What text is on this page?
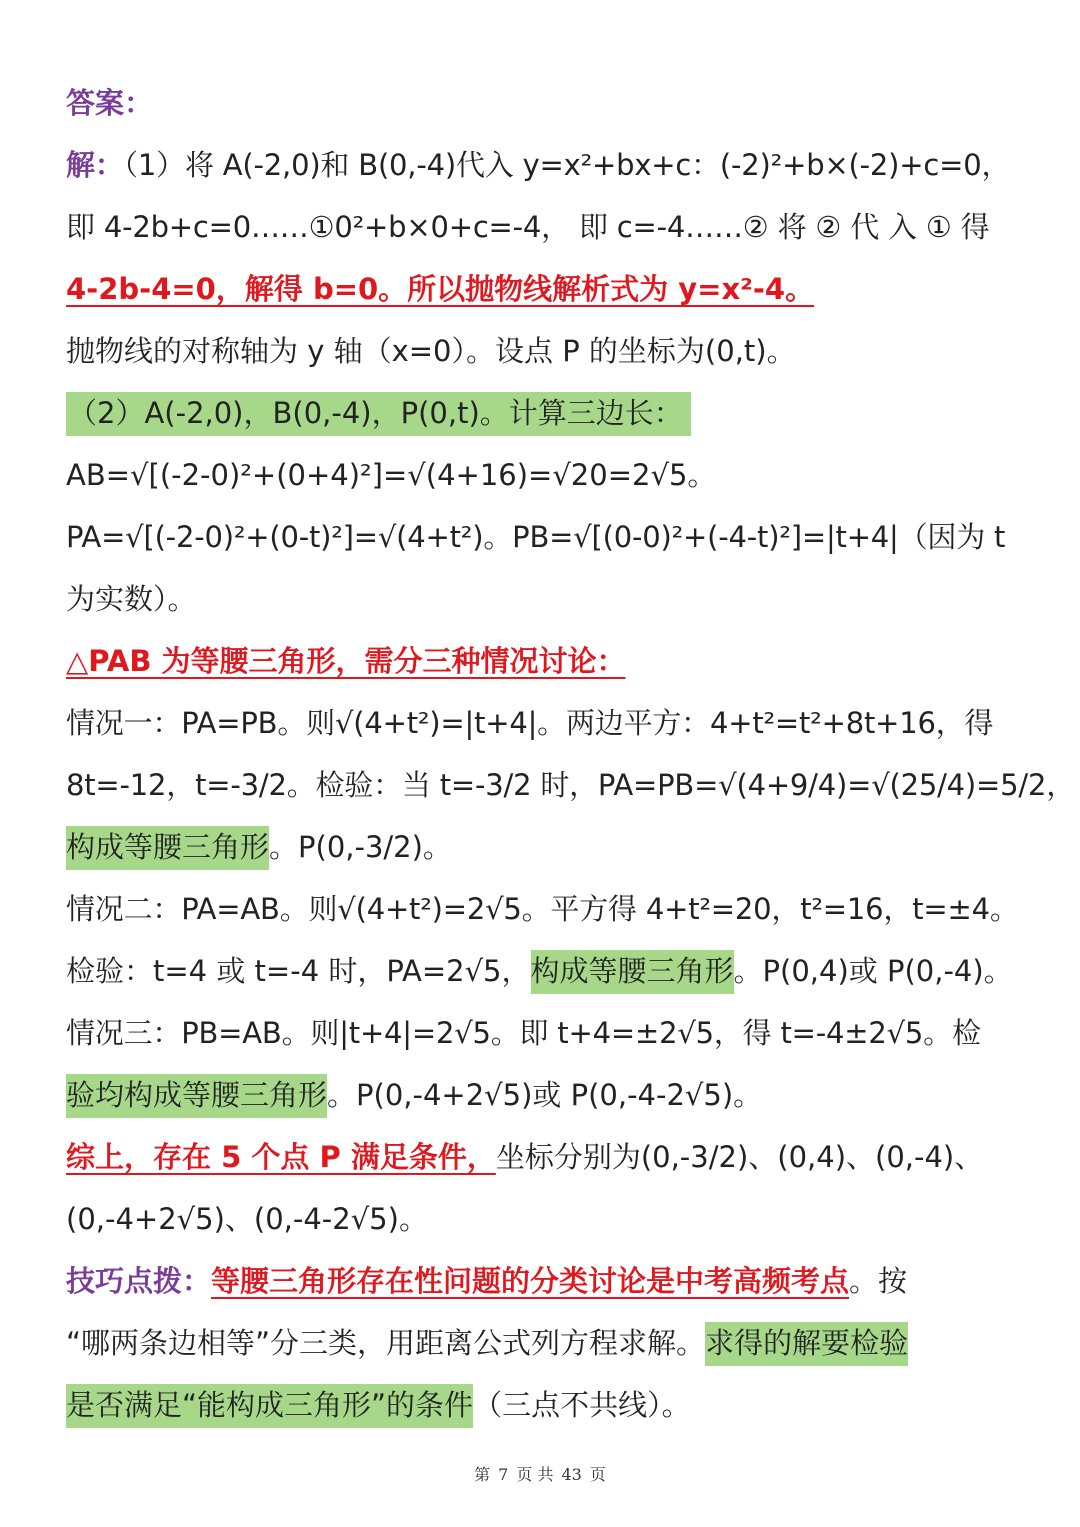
答案：
解：（1）将 A(-2,0)和 B(0,-4)代入 y=x²+bx+c：(-2)²+b×(-2)+c=0，
即 4-2b+c=0……①0²+b×0+c=-4， 即 c=-4……② 将 ② 代 入 ① 得
4-2b-4=0，解得 b=0。所以抛物线解析式为 y=x²-4。
抛物线的对称轴为 y 轴（x=0）。设点 P 的坐标为(0,t)。
（2）A(-2,0)，B(0,-4)，P(0,t)。计算三边长：
AB=√[(-2-0)²+(0+4)²]=√(4+16)=√20=2√5。
PA=√[(-2-0)²+(0-t)²]=√(4+t²)。PB=√[(0-0)²+(-4-t)²]=|t+4|（因为 t
为实数）。
△PAB 为等腰三角形，需分三种情况讨论：
情况一：PA=PB。则√(4+t²)=|t+4|。两边平方：4+t²=t²+8t+16，得
8t=-12，t=-3/2。检验：当 t=-3/2 时，PA=PB=√(4+9/4)=√(25/4)=5/2，
构成等腰三角形。P(0,-3/2)。
情况二：PA=AB。则√(4+t²)=2√5。平方得 4+t²=20，t²=16，t=±4。
检验：t=4 或 t=-4 时，PA=2√5，构成等腰三角形。P(0,4)或 P(0,-4)。
情况三：PB=AB。则|t+4|=2√5。即 t+4=±2√5，得 t=-4±2√5。检
验均构成等腰三角形。P(0,-4+2√5)或 P(0,-4-2√5)。
综上，存在 5 个点 P 满足条件，坐标分别为(0,-3/2)、(0,4)、(0,-4)、
(0,-4+2√5)、(0,-4-2√5)。
技巧点拨：等腰三角形存在性问题的分类讨论是中考高频考点。按
“哪两条边相等”分三类，用距离公式列方程求解。求得的解要检验
是否满足“能构成三角形”的条件（三点不共线）。
第 7 页 共 43 页
